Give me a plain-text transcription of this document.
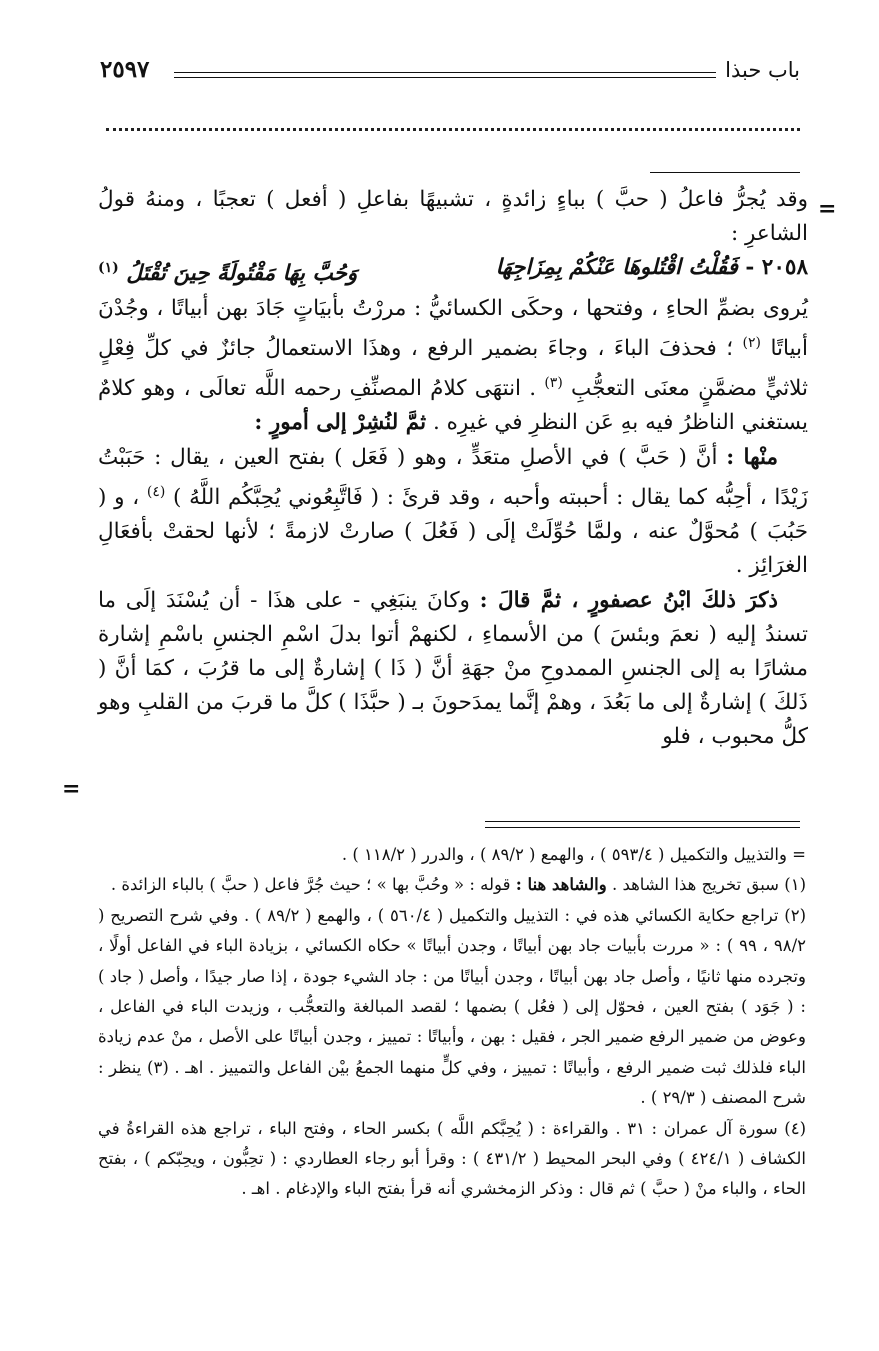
باب حبذا
٢٥٩٧
=
=

وقد يُجرُّ فاعلُ ( حبَّ ) بباءٍ زائدةٍ ، تشبيهًا بفاعلِ ( أفعل ) تعجبًا ، ومنهُ قولُ الشاعرِ :

٢٠٥٨ - فَقُلْتُ اقْتُلوهَا عَنْكُمْ بِمِزَاجِهَا
وَحُبَّ بِهَا مَقْتُولَةً حِينَ تُقْتَلُ $^{(١)}$

يُروى بضمِّ الحاءِ ، وفتحها ، وحكَى الكسائيُّ : مررْتُ بأبيَاتٍ جَادَ بهن أبياتًا ، وجُدْنَ أبياتًا $^{(٢)}$ ؛ فحذفَ الباءَ ، وجاءَ بضمير الرفع ، وهذَا الاستعمالُ جائزٌ في كلِّ فِعْلٍ ثلاثيٍّ مضمَّنٍ معنَى التعجُّبِ $^{(٣)}$ . انتهَى كلامُ المصنِّفِ رحمه اللَّه تعالَى ، وهو كلامٌ يستغني الناظرُ فيه بهِ عَن النظرِ في غيرِه . ثمَّ لنُشِرْ إلى أمورٍ :

منْها : أنَّ ( حَبَّ ) في الأصلِ متعَدٍّ ، وهو ( فَعَل ) بفتح العين ، يقال : حَبَبْتُ زَيْدًا ، أحِبُّه كما يقال : أحببته وأحبه ، وقد قرئَ : ( فَاتَّبِعُوني يُحِبَّكُم اللَّهُ ) $^{(٤)}$ ، و ( حَبُبَ ) مُحوَّلٌ عنه ، ولمَّا حُوِّلَتْ إلَى ( فَعُلَ ) صارتْ لازمةً ؛ لأنها لحقتْ بأفعَالِ الغرَائِز .

ذكرَ ذلكَ ابْنُ عصفورٍ ، ثمَّ قالَ : وكانَ ينبَغِي - على هذَا - أن يُسْنَدَ إلَى ما تسندُ إليه ( نعمَ وبئسَ ) من الأسماءِ ، لكنهمْ أتوا بدلَ اسْمِ الجنسِ باسْمِ إشارة مشارًا به إلى الجنسِ الممدوحِ منْ جهَةِ أنَّ ( ذَا ) إشارةٌ إلى ما قرُبَ ، كمَا أنَّ ( ذَلكَ ) إشارةٌ إلى ما بَعُدَ ، وهمْ إنَّما يمدَحونَ بـ ( حبَّذَا ) كلَّ ما قربَ من القلبِ وهو كلُّ محبوب ، فلو

= والتذييل والتكميل ( ٥٩٣/٤ ) ، والهمع ( ٨٩/٢ ) ، والدرر ( ١١٨/٢ ) .

(١) سبق تخريج هذا الشاهد . والشاهد هنا : قوله : « وحُبَّ بها » ؛ حيث جُرَّ فاعل ( حبَّ ) بالباء الزائدة .

(٢) تراجع حكاية الكسائي هذه في : التذييل والتكميل ( ٥٦٠/٤ ) ، والهمع ( ٨٩/٢ ) . وفي شرح التصريح ( ٩٨/٢ ، ٩٩ ) : « مررت بأبيات جاد بهن أبياتًا ، وجدن أبياتًا » حكاه الكسائي ، بزيادة الباء في الفاعل أولًا ، وتجرده منها ثانيًا ، وأصل جاد بهن أبياتًا ، وجدن أبياتًا من : جاد الشيء جودة ، إذا صار جيدًا ، وأصل ( جاد ) : ( جَوَد ) بفتح العين ، فحوّل إلى ( فعُل ) بضمها ؛ لقصد المبالغة والتعجُّب ، وزيدت الباء في الفاعل ، وعوض من ضمير الرفع ضمير الجر ، فقيل : بهن ، وأبياتًا : تمييز ، وجدن أبياتًا على الأصل ، منْ عدم زيادة الباء فلذلك ثبت ضمير الرفع ، وأبياتًا : تمييز ، وفي كلٍّ منهما الجمعُ بيْن الفاعل والتمييز . اهـ . (٣) ينظر : شرح المصنف ( ٢٩/٣ ) .

(٤) سورة آل عمران : ٣١ . والقراءة : ( يُحِبَّكم اللَّه ) بكسر الحاء ، وفتح الباء ، تراجع هذه القراءةُ في الكشاف ( ٤٢٤/١ ) وفي البحر المحيط ( ٤٣١/٢ ) : وقرأ أبو رجاء العطاردي : ( تحِبُّون ، ويحِبّكم ) ، بفتح الحاء ، والباء منْ ( حبَّ ) ثم قال : وذكر الزمخشري أنه قرأ بفتح الباء والإدغام . اهـ .
